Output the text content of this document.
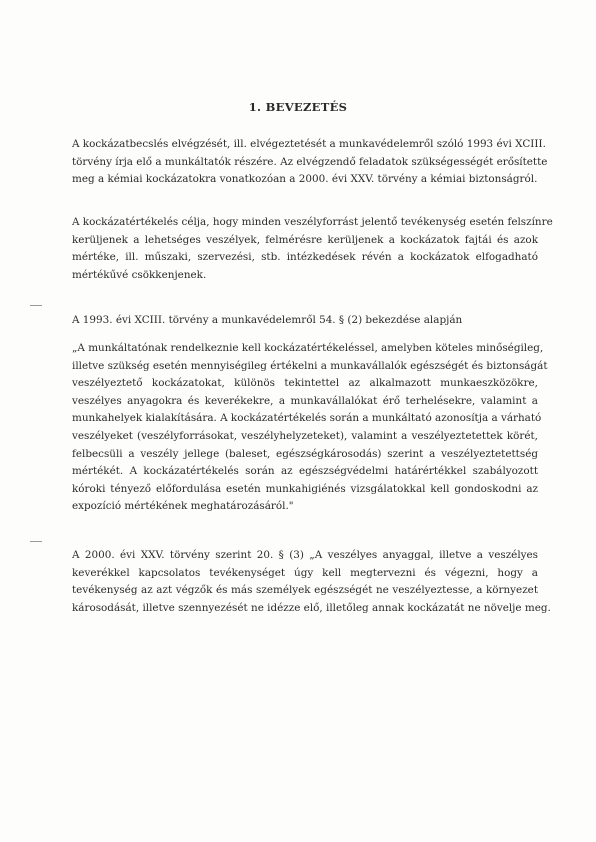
1. BEVEZETÉS
A kockázatbecslés elvégzését, ill. elvégeztetését a munkavédelemről szóló 1993 évi XCIII.
törvény írja elő a munkáltatók részére. Az elvégzendő feladatok szükségességét erősítette
meg a kémiai kockázatokra vonatkozóan a 2000. évi XXV. törvény a kémiai biztonságról.
A kockázatértékelés célja, hogy minden veszélyforrást jelentő tevékenység esetén felszínre
kerüljenek a lehetséges veszélyek, felmérésre kerüljenek a kockázatok fajtái és azok
mértéke, ill. műszaki, szervezési, stb. intézkedések révén a kockázatok elfogadható
mértékűvé csökkenjenek.
A 1993. évi XCIII. törvény a munkavédelemről 54. § (2) bekezdése alapján
„A munkáltatónak rendelkeznie kell kockázatértékeléssel, amelyben köteles minőségileg,
illetve szükség esetén mennyiségileg értékelni a munkavállalók egészségét és biztonságát
veszélyeztető kockázatokat, különös tekintettel az alkalmazott munkaeszközökre,
veszélyes anyagokra és keverékekre, a munkavállalókat érő terhelésekre, valamint a
munkahelyek kialakítására. A kockázatértékelés során a munkáltató azonosítja a várható
veszélyeket (veszélyforrásokat, veszélyhelyzeteket), valamint a veszélyeztetettek körét,
felbecsüli a veszély jellege (baleset, egészségkárosodás) szerint a veszélyeztetettség
mértékét. A kockázatértékelés során az egészségvédelmi határértékkel szabályozott
kóroki tényező előfordulása esetén munkahigiénés vizsgálatokkal kell gondoskodni az
expozíció mértékének meghatározásáról."
A 2000. évi XXV. törvény szerint 20. § (3) „A veszélyes anyaggal, illetve a veszélyes
keverékkel kapcsolatos tevékenységet úgy kell megtervezni és végezni, hogy a
tevékenység az azt végzők és más személyek egészségét ne veszélyeztesse, a környezet
károsodását, illetve szennyezését ne idézze elő, illetőleg annak kockázatát ne növelje meg.
